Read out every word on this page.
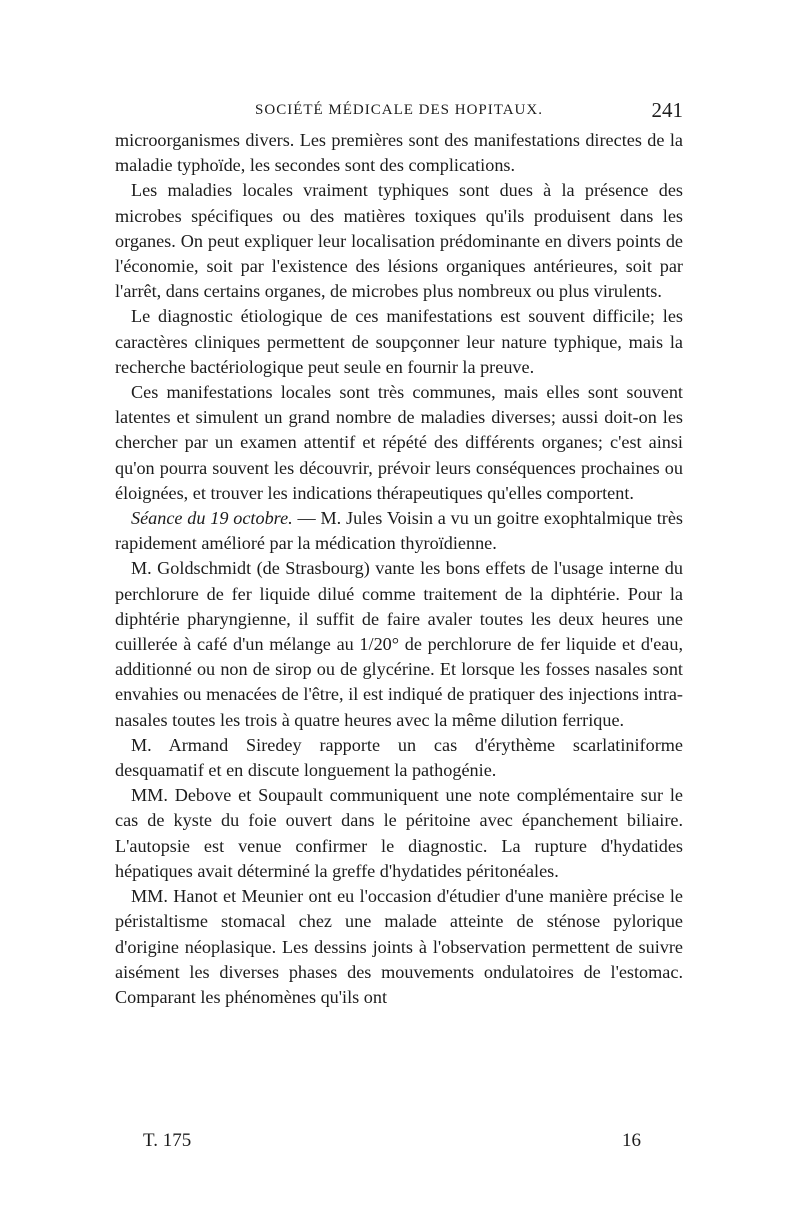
SOCIÉTÉ MÉDICALE DES HOPITAUX.	241

microorganismes divers. Les premières sont des manifestations directes de la maladie typhoïde, les secondes sont des complications.

Les maladies locales vraiment typhiques sont dues à la présence des microbes spécifiques ou des matières toxiques qu'ils produisent dans les organes. On peut expliquer leur localisation prédominante en divers points de l'économie, soit par l'existence des lésions organiques antérieures, soit par l'arrêt, dans certains organes, de microbes plus nombreux ou plus virulents.

Le diagnostic étiologique de ces manifestations est souvent difficile; les caractères cliniques permettent de soupçonner leur nature typhique, mais la recherche bactériologique peut seule en fournir la preuve.

Ces manifestations locales sont très communes, mais elles sont souvent latentes et simulent un grand nombre de maladies diverses; aussi doit-on les chercher par un examen attentif et répété des différents organes; c'est ainsi qu'on pourra souvent les découvrir, prévoir leurs conséquences prochaines ou éloignées, et trouver les indications thérapeutiques qu'elles comportent.

Séance du 19 octobre. — M. Jules Voisin a vu un goitre exophtalmique très rapidement amélioré par la médication thyroïdienne.

M. Goldschmidt (de Strasbourg) vante les bons effets de l'usage interne du perchlorure de fer liquide dilué comme traitement de la diphtérie. Pour la diphtérie pharyngienne, il suffit de faire avaler toutes les deux heures une cuillerée à café d'un mélange au 1/20° de perchlorure de fer liquide et d'eau, additionné ou non de sirop ou de glycérine. Et lorsque les fosses nasales sont envahies ou menacées de l'être, il est indiqué de pratiquer des injections intra-nasales toutes les trois à quatre heures avec la même dilution ferrique.

M. Armand Siredey rapporte un cas d'érythème scarlatiniforme desquamatif et en discute longuement la pathogénie.

MM. Debove et Soupault communiquent une note complémentaire sur le cas de kyste du foie ouvert dans le péritoine avec épanchement biliaire. L'autopsie est venue confirmer le diagnostic. La rupture d'hydatides hépatiques avait déterminé la greffe d'hydatides péritonéales.

MM. Hanot et Meunier ont eu l'occasion d'étudier d'une manière précise le péristaltisme stomacal chez une malade atteinte de sténose pylorique d'origine néoplasique. Les dessins joints à l'observation permettent de suivre aisément les diverses phases des mouvements ondulatoires de l'estomac. Comparant les phénomènes qu'ils ont

T. 175	16
